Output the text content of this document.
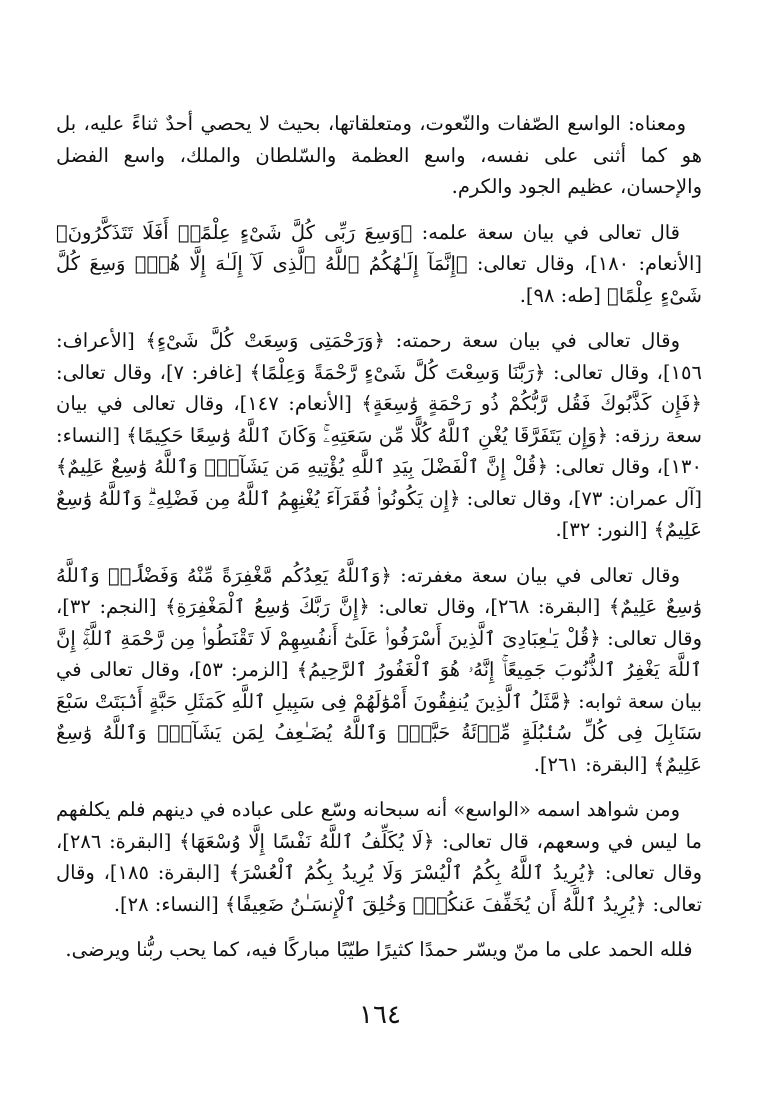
ومعناه: الواسع الصّفات والنّعوت، ومتعلقاتها، بحيث لا يحصي أحدٌ ثناءً عليه، بل هو كما أثنى على نفسه، واسع العظمة والسّلطان والملك، واسع الفضل والإحسان، عظيم الجود والكرم.

قال تعالى في بيان سعة علمه: ﴿وَسِعَ رَبِّى كُلَّ شَىْءٍ عِلْمًاۗ أَفَلَا تَتَذَكَّرُونَ﴾ [الأنعام: ١٨٠]، وقال تعالى: ﴿إِنَّمَآ إِلَـٰهُكُمُ ٱللَّهُ ٱلَّذِى لَآ إِلَـٰهَ إِلَّا هُوَۚ وَسِعَ كُلَّ شَىْءٍ عِلْمًا﴾ [طه: ٩٨].

وقال تعالى في بيان سعة رحمته: ﴿وَرَحْمَتِى وَسِعَتْ كُلَّ شَىْءٍ﴾ [الأعراف: ١٥٦]، وقال تعالى: ﴿رَبَّنَا وَسِعْتَ كُلَّ شَىْءٍ رَّحْمَةً وَعِلْمًا﴾ [غافر: ٧]، وقال تعالى: ﴿فَإِن كَذَّبُوكَ فَقُل رَّبُّكُمْ ذُو رَحْمَةٍ وَٰسِعَةٍ﴾ [الأنعام: ١٤٧]، وقال تعالى في بيان سعة رزقه: ﴿وَإِن يَتَفَرَّقَا يُغْنِ ٱللَّهُ كُلًّا مِّن سَعَتِهِۦۚ وَكَانَ ٱللَّهُ وَٰسِعًا حَكِيمًا﴾ [النساء: ١٣٠]، وقال تعالى: ﴿قُلْ إِنَّ ٱلْفَضْلَ بِيَدِ ٱللَّهِ يُؤْتِيهِ مَن يَشَآءُۗ وَٱللَّهُ وَٰسِعٌ عَلِيمٌ﴾ [آل عمران: ٧٣]، وقال تعالى: ﴿إِن يَكُونُوا۟ فُقَرَآءَ يُغْنِهِمُ ٱللَّهُ مِن فَضْلِهِۦۗ وَٱللَّهُ وَٰسِعٌ عَلِيمٌ﴾ [النور: ٣٢].

وقال تعالى في بيان سعة مغفرته: ﴿وَٱللَّهُ يَعِدُكُم مَّغْفِرَةً مِّنْهُ وَفَضْلًاۗ وَٱللَّهُ وَٰسِعٌ عَلِيمٌ﴾ [البقرة: ٢٦٨]، وقال تعالى: ﴿إِنَّ رَبَّكَ وَٰسِعُ ٱلْمَغْفِرَةِ﴾ [النجم: ٣٢]، وقال تعالى: ﴿قُلْ يَـٰعِبَادِىَ ٱلَّذِينَ أَسْرَفُوا۟ عَلَىٰٓ أَنفُسِهِمْ لَا تَقْنَطُوا۟ مِن رَّحْمَةِ ٱللَّهِۚ إِنَّ ٱللَّهَ يَغْفِرُ ٱلذُّنُوبَ جَمِيعًاۚ إِنَّهُۥ هُوَ ٱلْغَفُورُ ٱلرَّحِيمُ﴾ [الزمر: ٥٣]، وقال تعالى في بيان سعة ثوابه: ﴿مَّثَلُ ٱلَّذِينَ يُنفِقُونَ أَمْوَٰلَهُمْ فِى سَبِيلِ ٱللَّهِ كَمَثَلِ حَبَّةٍ أَنۢبَتَتْ سَبْعَ سَنَابِلَ فِى كُلِّ سُنۢبُلَةٍ مِّا۟ئَةُ حَبَّةٍۗ وَٱللَّهُ يُضَـٰعِفُ لِمَن يَشَآءُۗ وَٱللَّهُ وَٰسِعٌ عَلِيمٌ﴾ [البقرة: ٢٦١].

ومن شواهد اسمه «الواسع» أنه سبحانه وسّع على عباده في دينهم فلم يكلفهم ما ليس في وسعهم، قال تعالى: ﴿لَا يُكَلِّفُ ٱللَّهُ نَفْسًا إِلَّا وُسْعَهَا﴾ [البقرة: ٢٨٦]، وقال تعالى: ﴿يُرِيدُ ٱللَّهُ بِكُمُ ٱلْيُسْرَ وَلَا يُرِيدُ بِكُمُ ٱلْعُسْرَ﴾ [البقرة: ١٨٥]، وقال تعالى: ﴿يُرِيدُ ٱللَّهُ أَن يُخَفِّفَ عَنكُمْۚ وَخُلِقَ ٱلْإِنسَـٰنُ ضَعِيفًا﴾ [النساء: ٢٨].

فلله الحمد على ما منّ ويسّر حمدًا كثيرًا طيّبًا مباركًا فيه، كما يحب ربُّنا ويرضى.

١٦٤
